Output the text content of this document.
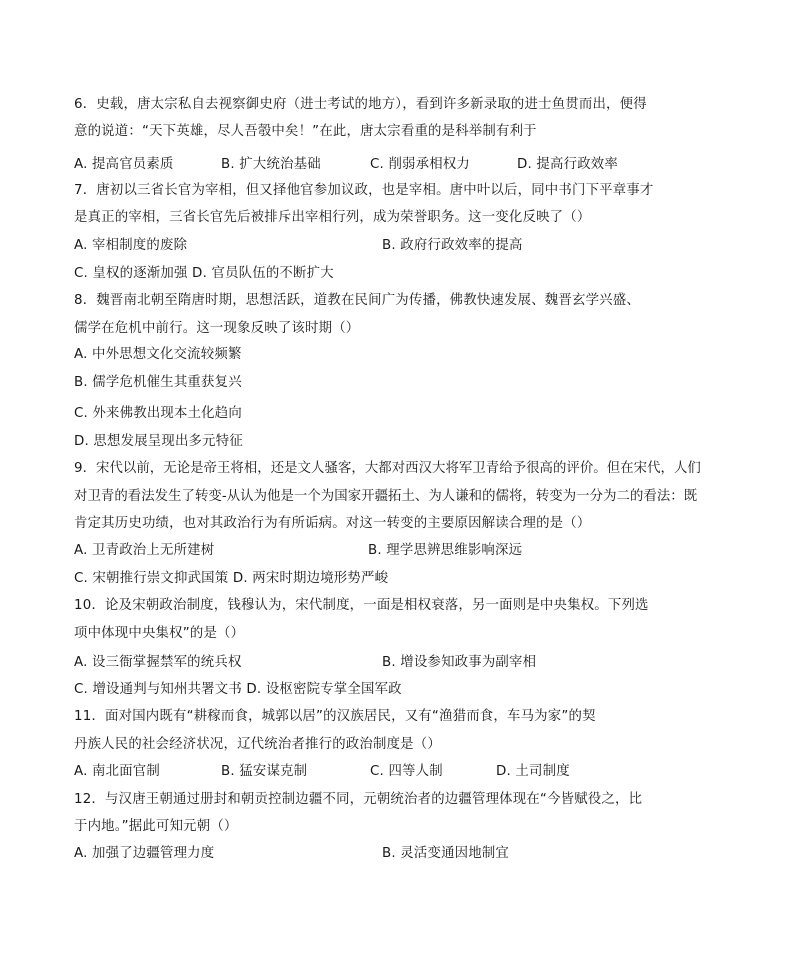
6．史载，唐太宗私自去视察御史府（进士考试的地方），看到许多新录取的进士鱼贯而出，便得
意的说道：“天下英雄，尽人吾彀中矣！”在此，唐太宗看重的是科举制有利于
A. 提高官员素质	B. 扩大统治基础	C. 削弱承相权力	D. 提高行政效率
7．唐初以三省长官为宰相，但又择他官参加议政，也是宰相。唐中叶以后，同中书门下平章事才
是真正的宰相，三省长官先后被排斥出宰相行列，成为荣誉职务。这一变化反映了（）
A. 宰相制度的废除	B. 政府行政效率的提高
C. 皇权的逐渐加强 D. 官员队伍的不断扩大
8．魏晋南北朝至隋唐时期，思想活跃，道教在民间广为传播，佛教快速发展、魏晋玄学兴盛、
儒学在危机中前行。这一现象反映了该时期（）
A. 中外思想文化交流较频繁
B. 儒学危机催生其重获复兴
C. 外来佛教出现本土化趋向
D. 思想发展呈现出多元特征
9．宋代以前，无论是帝王将相，还是文人骚客，大都对西汉大将军卫青给予很高的评价。但在宋代，人们
对卫青的看法发生了转变-从认为他是一个为国家开疆拓土、为人谦和的儒将，转变为一分为二的看法：既
肯定其历史功绩，也对其政治行为有所诟病。对这一转变的主要原因解读合理的是（）
A. 卫青政治上无所建树	B. 理学思辨思维影响深远
C. 宋朝推行崇文抑武国策 D. 两宋时期边境形势严峻
10．论及宋朝政治制度，钱穆认为，宋代制度，一面是相权衰落，另一面则是中央集权。下列选
项中体现中央集权”的是（）
A. 设三衙掌握禁军的统兵权	B. 增设参知政事为副宰相
C. 增设通判与知州共署文书 D. 设枢密院专掌全国军政
11．面对国内既有“耕稼而食，城郭以居”的汉族居民，又有“渔猎而食，车马为家”的契
丹族人民的社会经济状况，辽代统治者推行的政治制度是（）
A. 南北面官制	B. 猛安谋克制	C. 四等人制	D. 土司制度
12．与汉唐王朝通过册封和朝贡控制边疆不同，元朝统治者的边疆管理体现在“今皆赋役之，比
于内地。”据此可知元朝（）
A. 加强了边疆管理力度	B. 灵活变通因地制宜
